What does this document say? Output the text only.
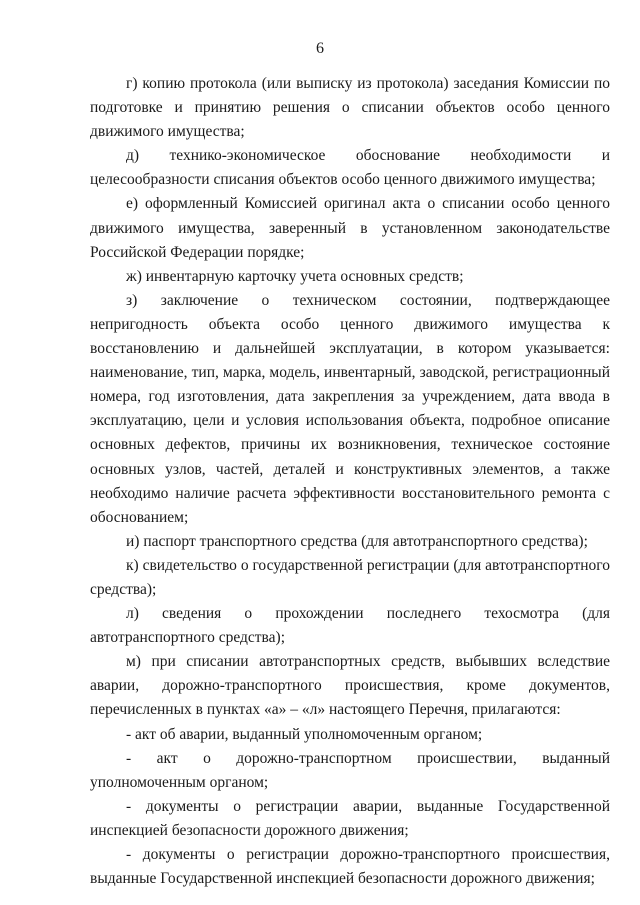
6

г) копию протокола (или выписку из протокола) заседания Комиссии по подготовке и принятию решения о списании объектов особо ценного движимого имущества;

д) технико-экономическое обоснование необходимости и целесообразности списания объектов особо ценного движимого имущества;

е) оформленный Комиссией оригинал акта о списании особо ценного движимого имущества, заверенный в установленном законодательстве Российской Федерации порядке;

ж) инвентарную карточку учета основных средств;

з) заключение о техническом состоянии, подтверждающее непригодность объекта особо ценного движимого имущества к восстановлению и дальнейшей эксплуатации, в котором указывается: наименование, тип, марка, модель, инвентарный, заводской, регистрационный номера, год изготовления, дата закрепления за учреждением, дата ввода в эксплуатацию, цели и условия использования объекта, подробное описание основных дефектов, причины их возникновения, техническое состояние основных узлов, частей, деталей и конструктивных элементов, а также необходимо наличие расчета эффективности восстановительного ремонта с обоснованием;

и) паспорт транспортного средства (для автотранспортного средства);

к) свидетельство о государственной регистрации (для автотранспортного средства);

л) сведения о прохождении последнего техосмотра (для автотранспортного средства);

м) при списании автотранспортных средств, выбывших вследствие аварии, дорожно-транспортного происшествия, кроме документов, перечисленных в пунктах «а» – «л» настоящего Перечня, прилагаются:

- акт об аварии, выданный уполномоченным органом;

- акт о дорожно-транспортном происшествии, выданный уполномоченным органом;

- документы о регистрации аварии, выданные Государственной инспекцией безопасности дорожного движения;

- документы о регистрации дорожно-транспортного происшествия, выданные Государственной инспекцией безопасности дорожного движения;
